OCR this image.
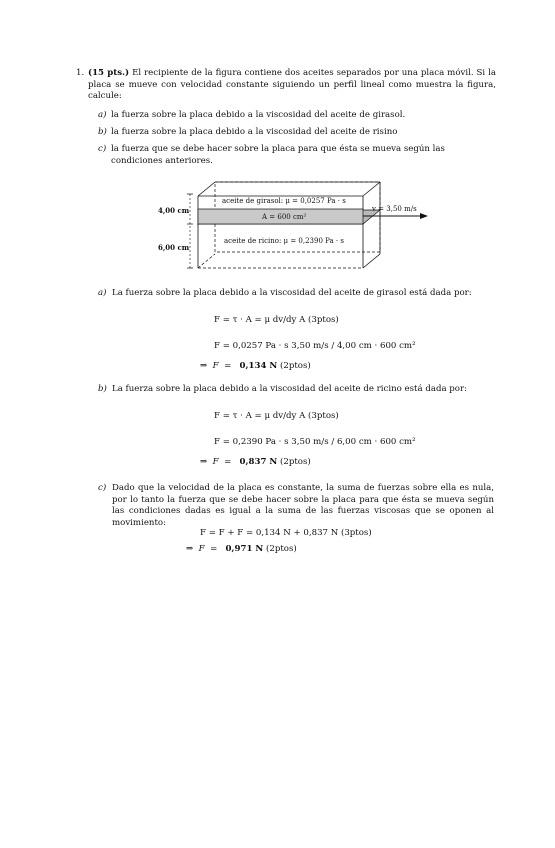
1. (15 pts.) El recipiente de la figura contiene dos aceites separados por una placa móvil. Si la placa se mueve con velocidad constante siguiendo un perfil lineal como muestra la figura, calcule:
a) la fuerza sobre la placa debido a la viscosidad del aceite de girasol.
b) la fuerza sobre la placa debido a la viscosidad del aceite de risino
c) la fuerza que se debe hacer sobre la placa para que ésta se mueva según las condiciones anteriores.
4,00 cm
6,00 cm
aceite de girasol: μ = 0,0257 Pa · s
A = 600 cm²
aceite de ricino: μ = 0,2390 Pa · s
v = 3,50 m/s
a) La fuerza sobre la placa debido a la viscosidad del aceite de girasol está dada por:
F = τ · A = μ dv/dy A (3ptos)
F = 0,0257 Pa · s 3,50 m/s / 4,00 cm · 600 cm²
⇒  F  =   0,134 N (2ptos)
b) La fuerza sobre la placa debido a la viscosidad del aceite de ricino está dada por:
F = τ · A = μ dv/dy A (3ptos)
F = 0,2390 Pa · s 3,50 m/s / 6,00 cm · 600 cm²
⇒  F  =   0,837 N (2ptos)
c) Dado que la velocidad de la placa es constante, la suma de fuerzas sobre ella es nula, por lo tanto la fuerza que se debe hacer sobre la placa para que ésta se mueva según las condiciones dadas es igual a la suma de las fuerzas viscosas que se oponen al movimiento:
F = F + F = 0,134 N + 0,837 N (3ptos)
⇒  F  =   0,971 N (2ptos)
